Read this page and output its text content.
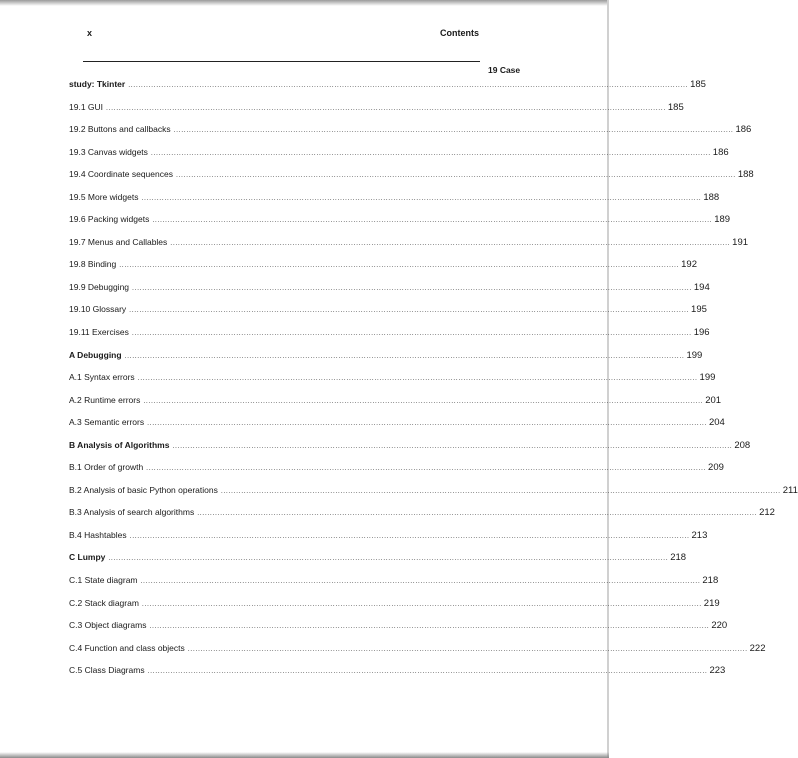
x	Contents
19 Case
study: Tkinter ............................................................................................................................................................................................................................ 185
19.1 GUI ............................................................................................................................................................................................................................ 185
19.2 Buttons and callbacks ............................................................................................................................................................................................................................ 186
19.3 Canvas widgets ............................................................................................................................................................................................................................ 186
19.4 Coordinate sequences ............................................................................................................................................................................................................................ 188
19.5 More widgets ............................................................................................................................................................................................................................ 188
19.6 Packing widgets ............................................................................................................................................................................................................................ 189
19.7 Menus and Callables ............................................................................................................................................................................................................................ 191
19.8 Binding ............................................................................................................................................................................................................................ 192
19.9 Debugging ............................................................................................................................................................................................................................ 194
19.10 Glossary ............................................................................................................................................................................................................................ 195
19.11 Exercises ............................................................................................................................................................................................................................ 196
A Debugging ............................................................................................................................................................................................................................ 199
A.1 Syntax errors ............................................................................................................................................................................................................................ 199
A.2 Runtime errors ............................................................................................................................................................................................................................ 201
A.3 Semantic errors ............................................................................................................................................................................................................................ 204
B Analysis of Algorithms ............................................................................................................................................................................................................................ 208
B.1 Order of growth ............................................................................................................................................................................................................................ 209
B.2 Analysis of basic Python operations ............................................................................................................................................................................................................................ 211
B.3 Analysis of search algorithms ............................................................................................................................................................................................................................ 212
B.4 Hashtables ............................................................................................................................................................................................................................ 213
C Lumpy ............................................................................................................................................................................................................................ 218
C.1 State diagram ............................................................................................................................................................................................................................ 218
C.2 Stack diagram ............................................................................................................................................................................................................................ 219
C.3 Object diagrams ............................................................................................................................................................................................................................ 220
C.4 Function and class objects ............................................................................................................................................................................................................................ 222
C.5 Class Diagrams ............................................................................................................................................................................................................................ 223
